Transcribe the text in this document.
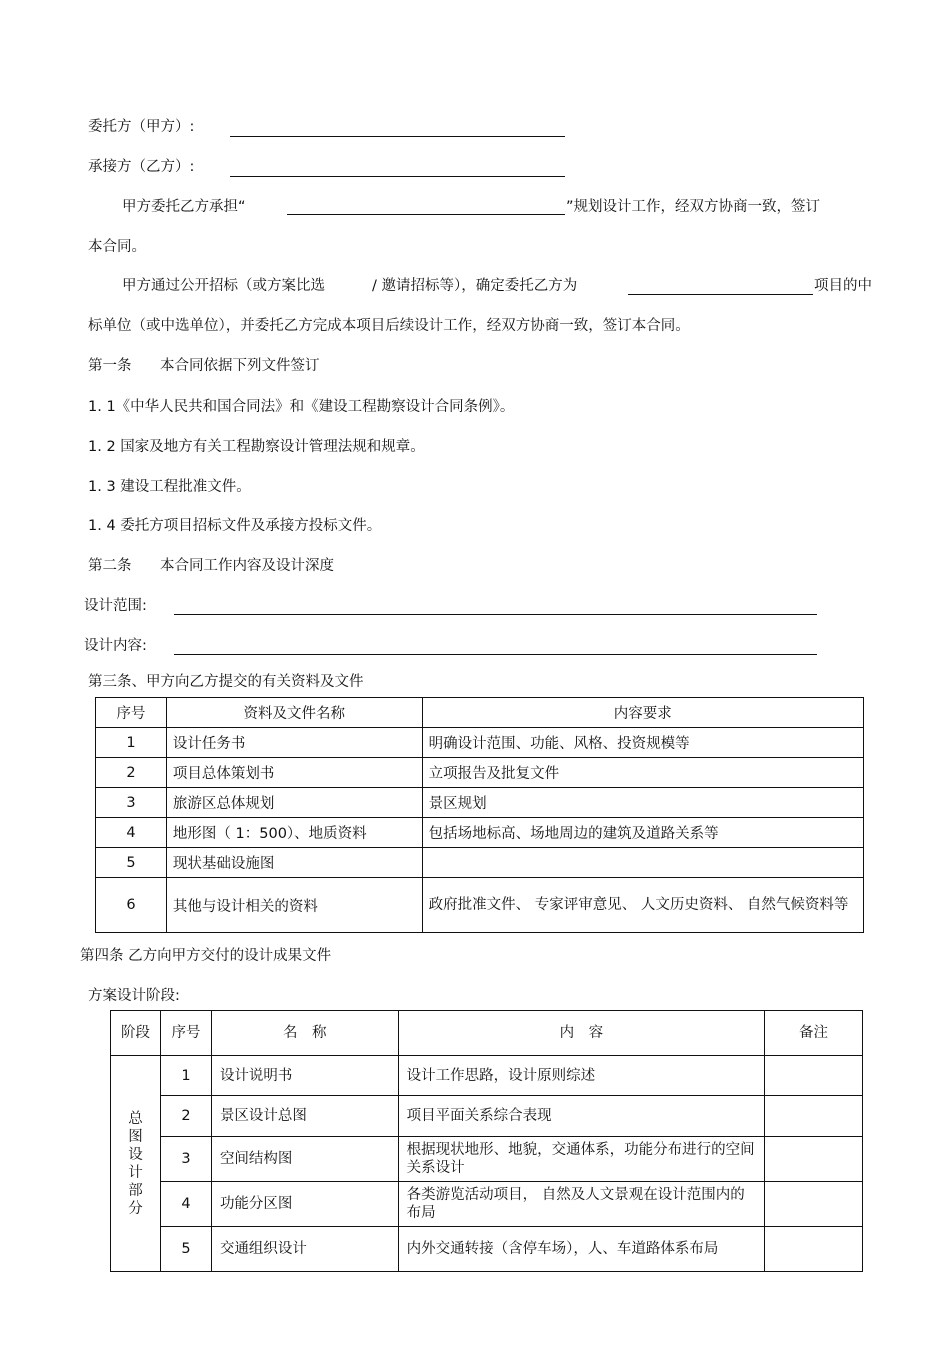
委托方（甲方）:
承接方（乙方）:
甲方委托乙方承担“	”规划设计工作，经双方协商一致，签订
本合同。
甲方通过公开招标（或方案比选	/ 邀请招标等），确定委托乙方为	项目的中
标单位（或中选单位），并委托乙方完成本项目后续设计工作，经双方协商一致，签订本合同。
第一条 本合同依据下列文件签订
1. 1《中华人民共和国合同法》和《建设工程勘察设计合同条例》。
1. 2 国家及地方有关工程勘察设计管理法规和规章。
1. 3 建设工程批准文件。
1. 4 委托方项目招标文件及承接方投标文件。
第二条 本合同工作内容及设计深度
设计范围:
设计内容:
第三条、甲方向乙方提交的有关资料及文件
序号	资料及文件名称	内容要求
1	设计任务书	明确设计范围、功能、风格、投资规模等
2	项目总体策划书	立项报告及批复文件
3	旅游区总体规划	景区规划
4	地形图（ 1：500）、地质资料	包括场地标高、场地周边的建筑及道路关系等
5	现状基础设施图	
6	其他与设计相关的资料	政府批准文件、 专家评审意见、 人文历史资料、 自然气候资料等
第四条 乙方向甲方交付的设计成果文件
方案设计阶段:
阶段	序号	名　称	内　容	备注
总图设计部分	1	设计说明书	设计工作思路，设计原则综述	
	2	景区设计总图	项目平面关系综合表现	
	3	空间结构图	根据现状地形、地貌，交通体系，功能分布进行的空间关系设计	
	4	功能分区图	各类游览活动项目， 自然及人文景观在设计范围内的布局	
	5	交通组织设计	内外交通转接（含停车场），人、车道路体系布局	
